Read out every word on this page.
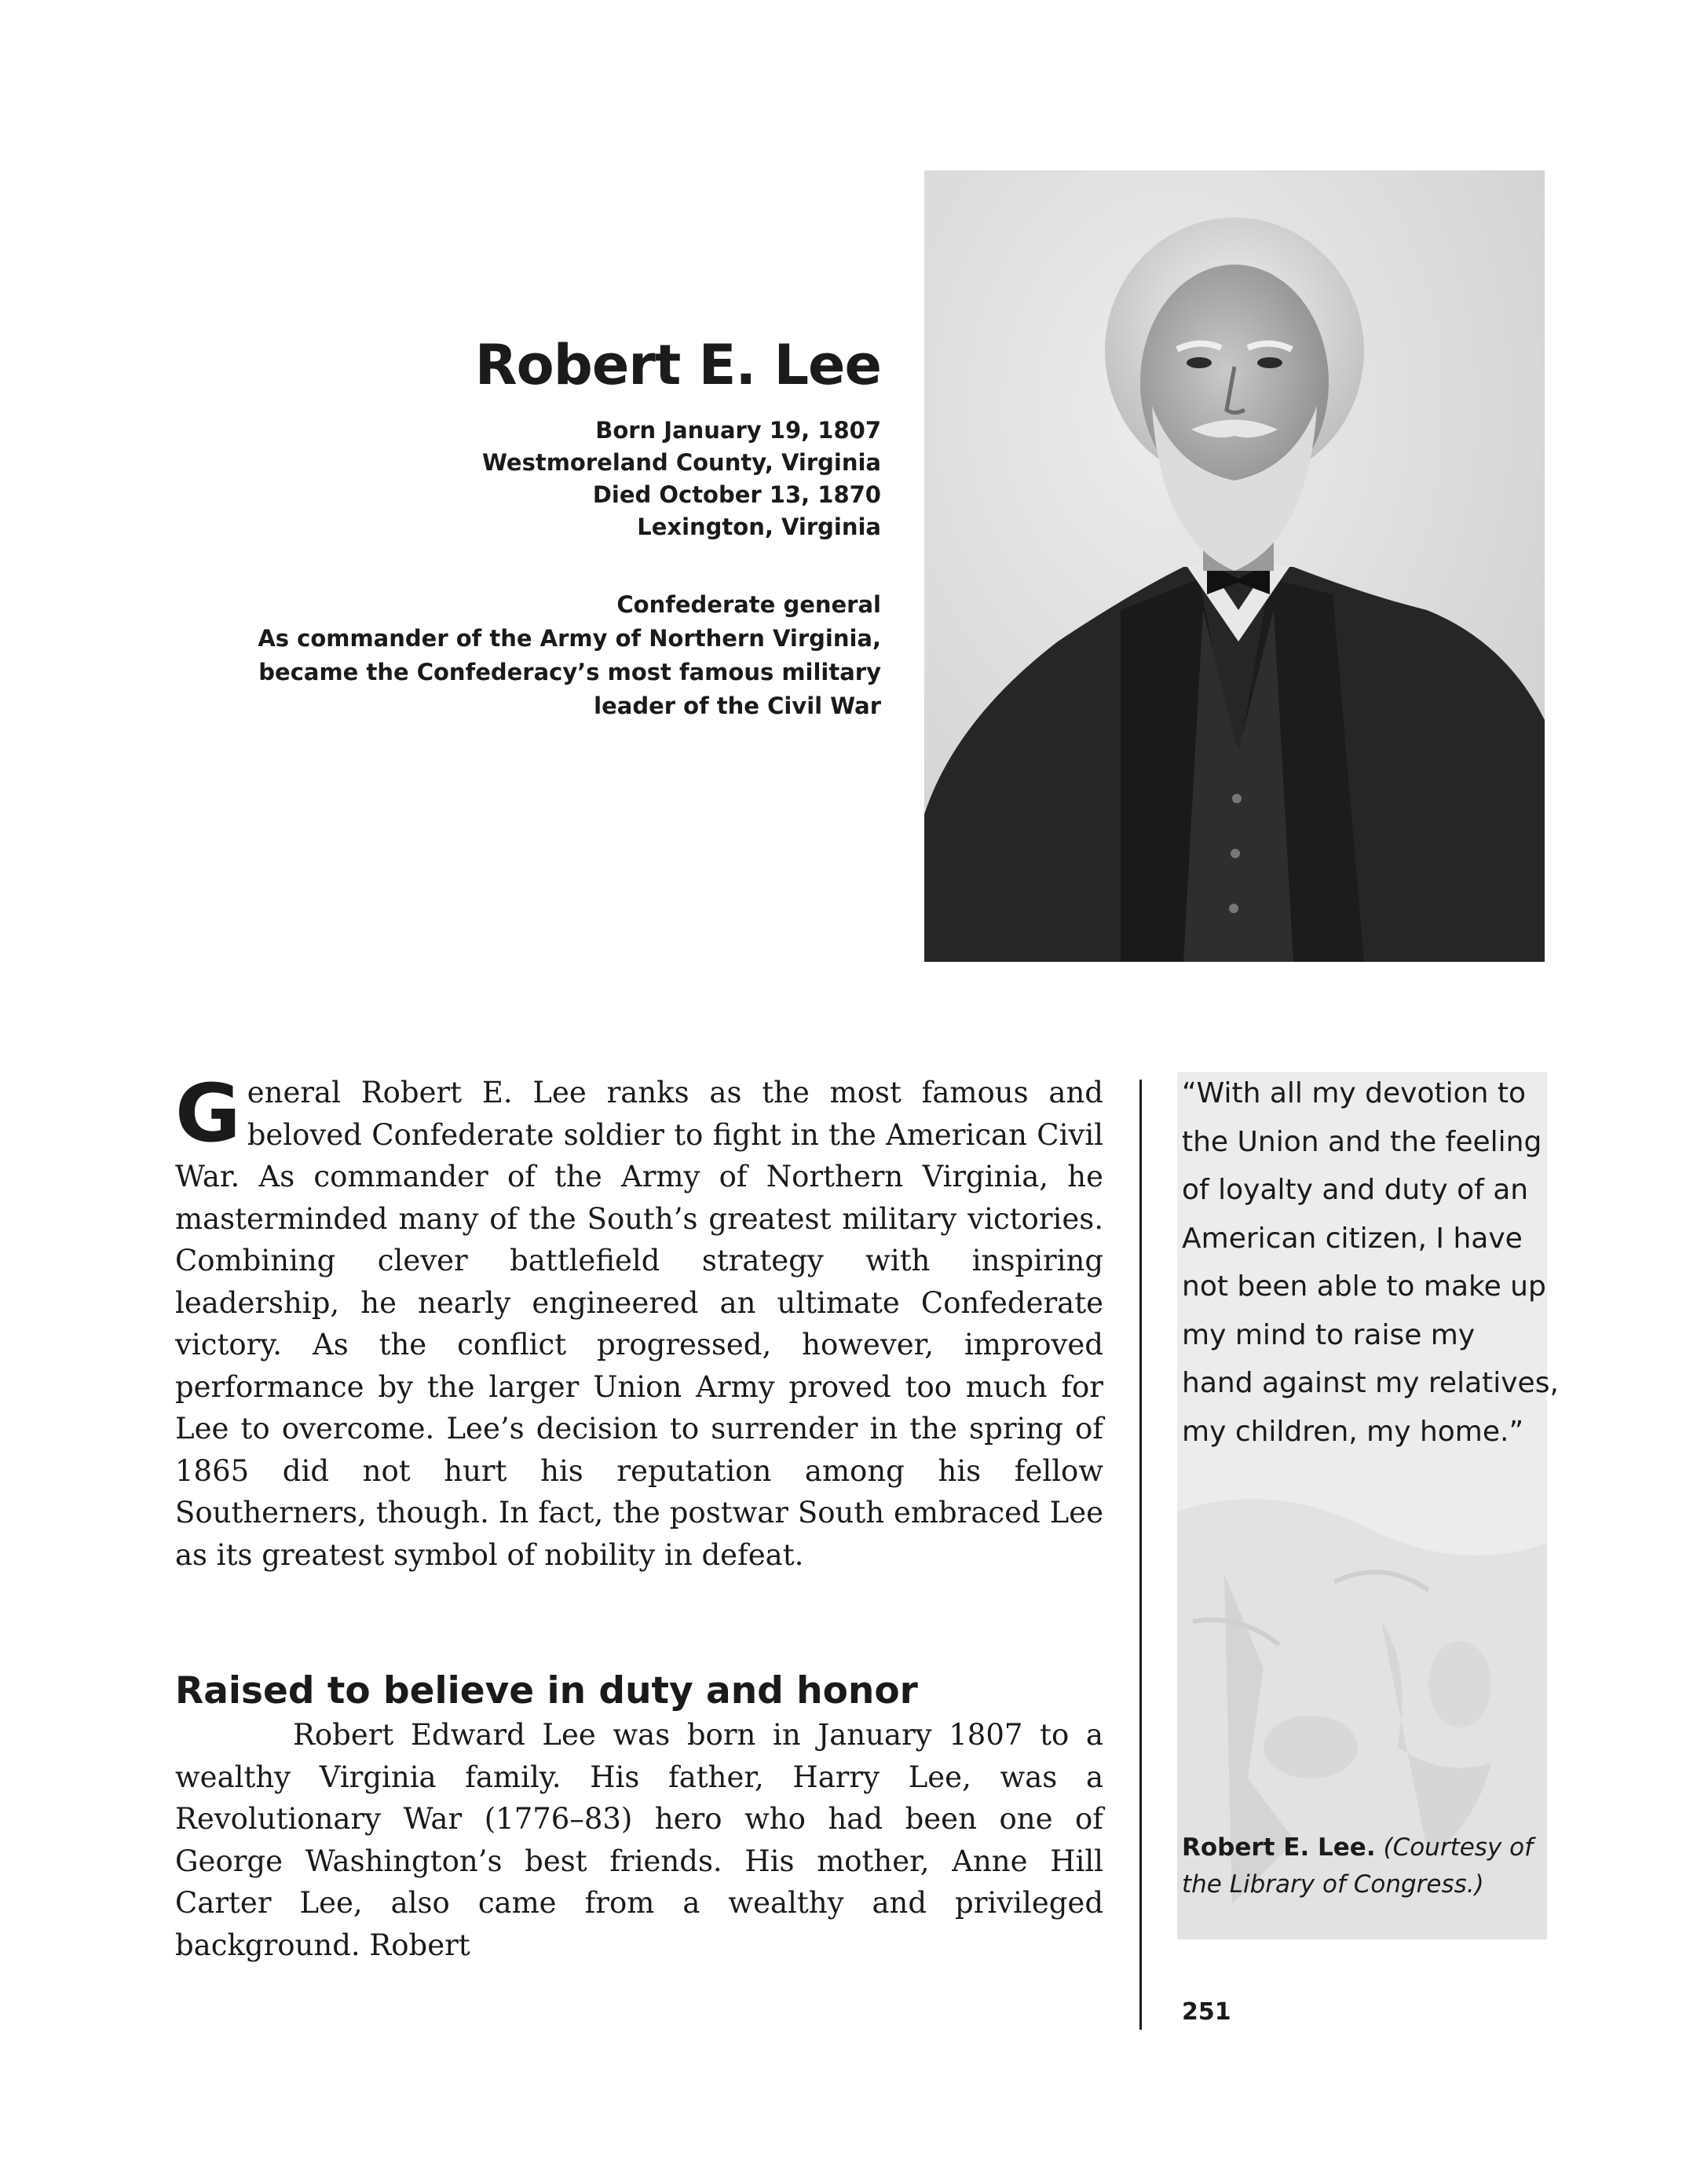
Robert E. Lee
Born January 19, 1807
Westmoreland County, Virginia
Died October 13, 1870
Lexington, Virginia
Confederate general
As commander of the Army of Northern Virginia,
became the Confederacy’s most famous military
leader of the Civil War

General Robert E. Lee ranks as the most famous and beloved Confederate soldier to fight in the American Civil War. As commander of the Army of Northern Virginia, he masterminded many of the South’s greatest military victories. Combining clever battlefield strategy with inspiring leadership, he nearly engineered an ultimate Confederate victory. As the conflict progressed, however, improved performance by the larger Union Army proved too much for Lee to overcome. Lee’s decision to surrender in the spring of 1865 did not hurt his reputation among his fellow Southerners, though. In fact, the postwar South embraced Lee as its greatest symbol of nobility in defeat.

Raised to believe in duty and honor

Robert Edward Lee was born in January 1807 to a wealthy Virginia family. His father, Harry Lee, was a Revolutionary War (1776–83) hero who had been one of George Washington’s best friends. His mother, Anne Hill Carter Lee, also came from a wealthy and privileged background. Robert

“With all my devotion to
the Union and the feeling
of loyalty and duty of an
American citizen, I have
not been able to make up
my mind to raise my
hand against my relatives,
my children, my home.”

Robert E. Lee. (Courtesy of the Library of Congress.)

251
